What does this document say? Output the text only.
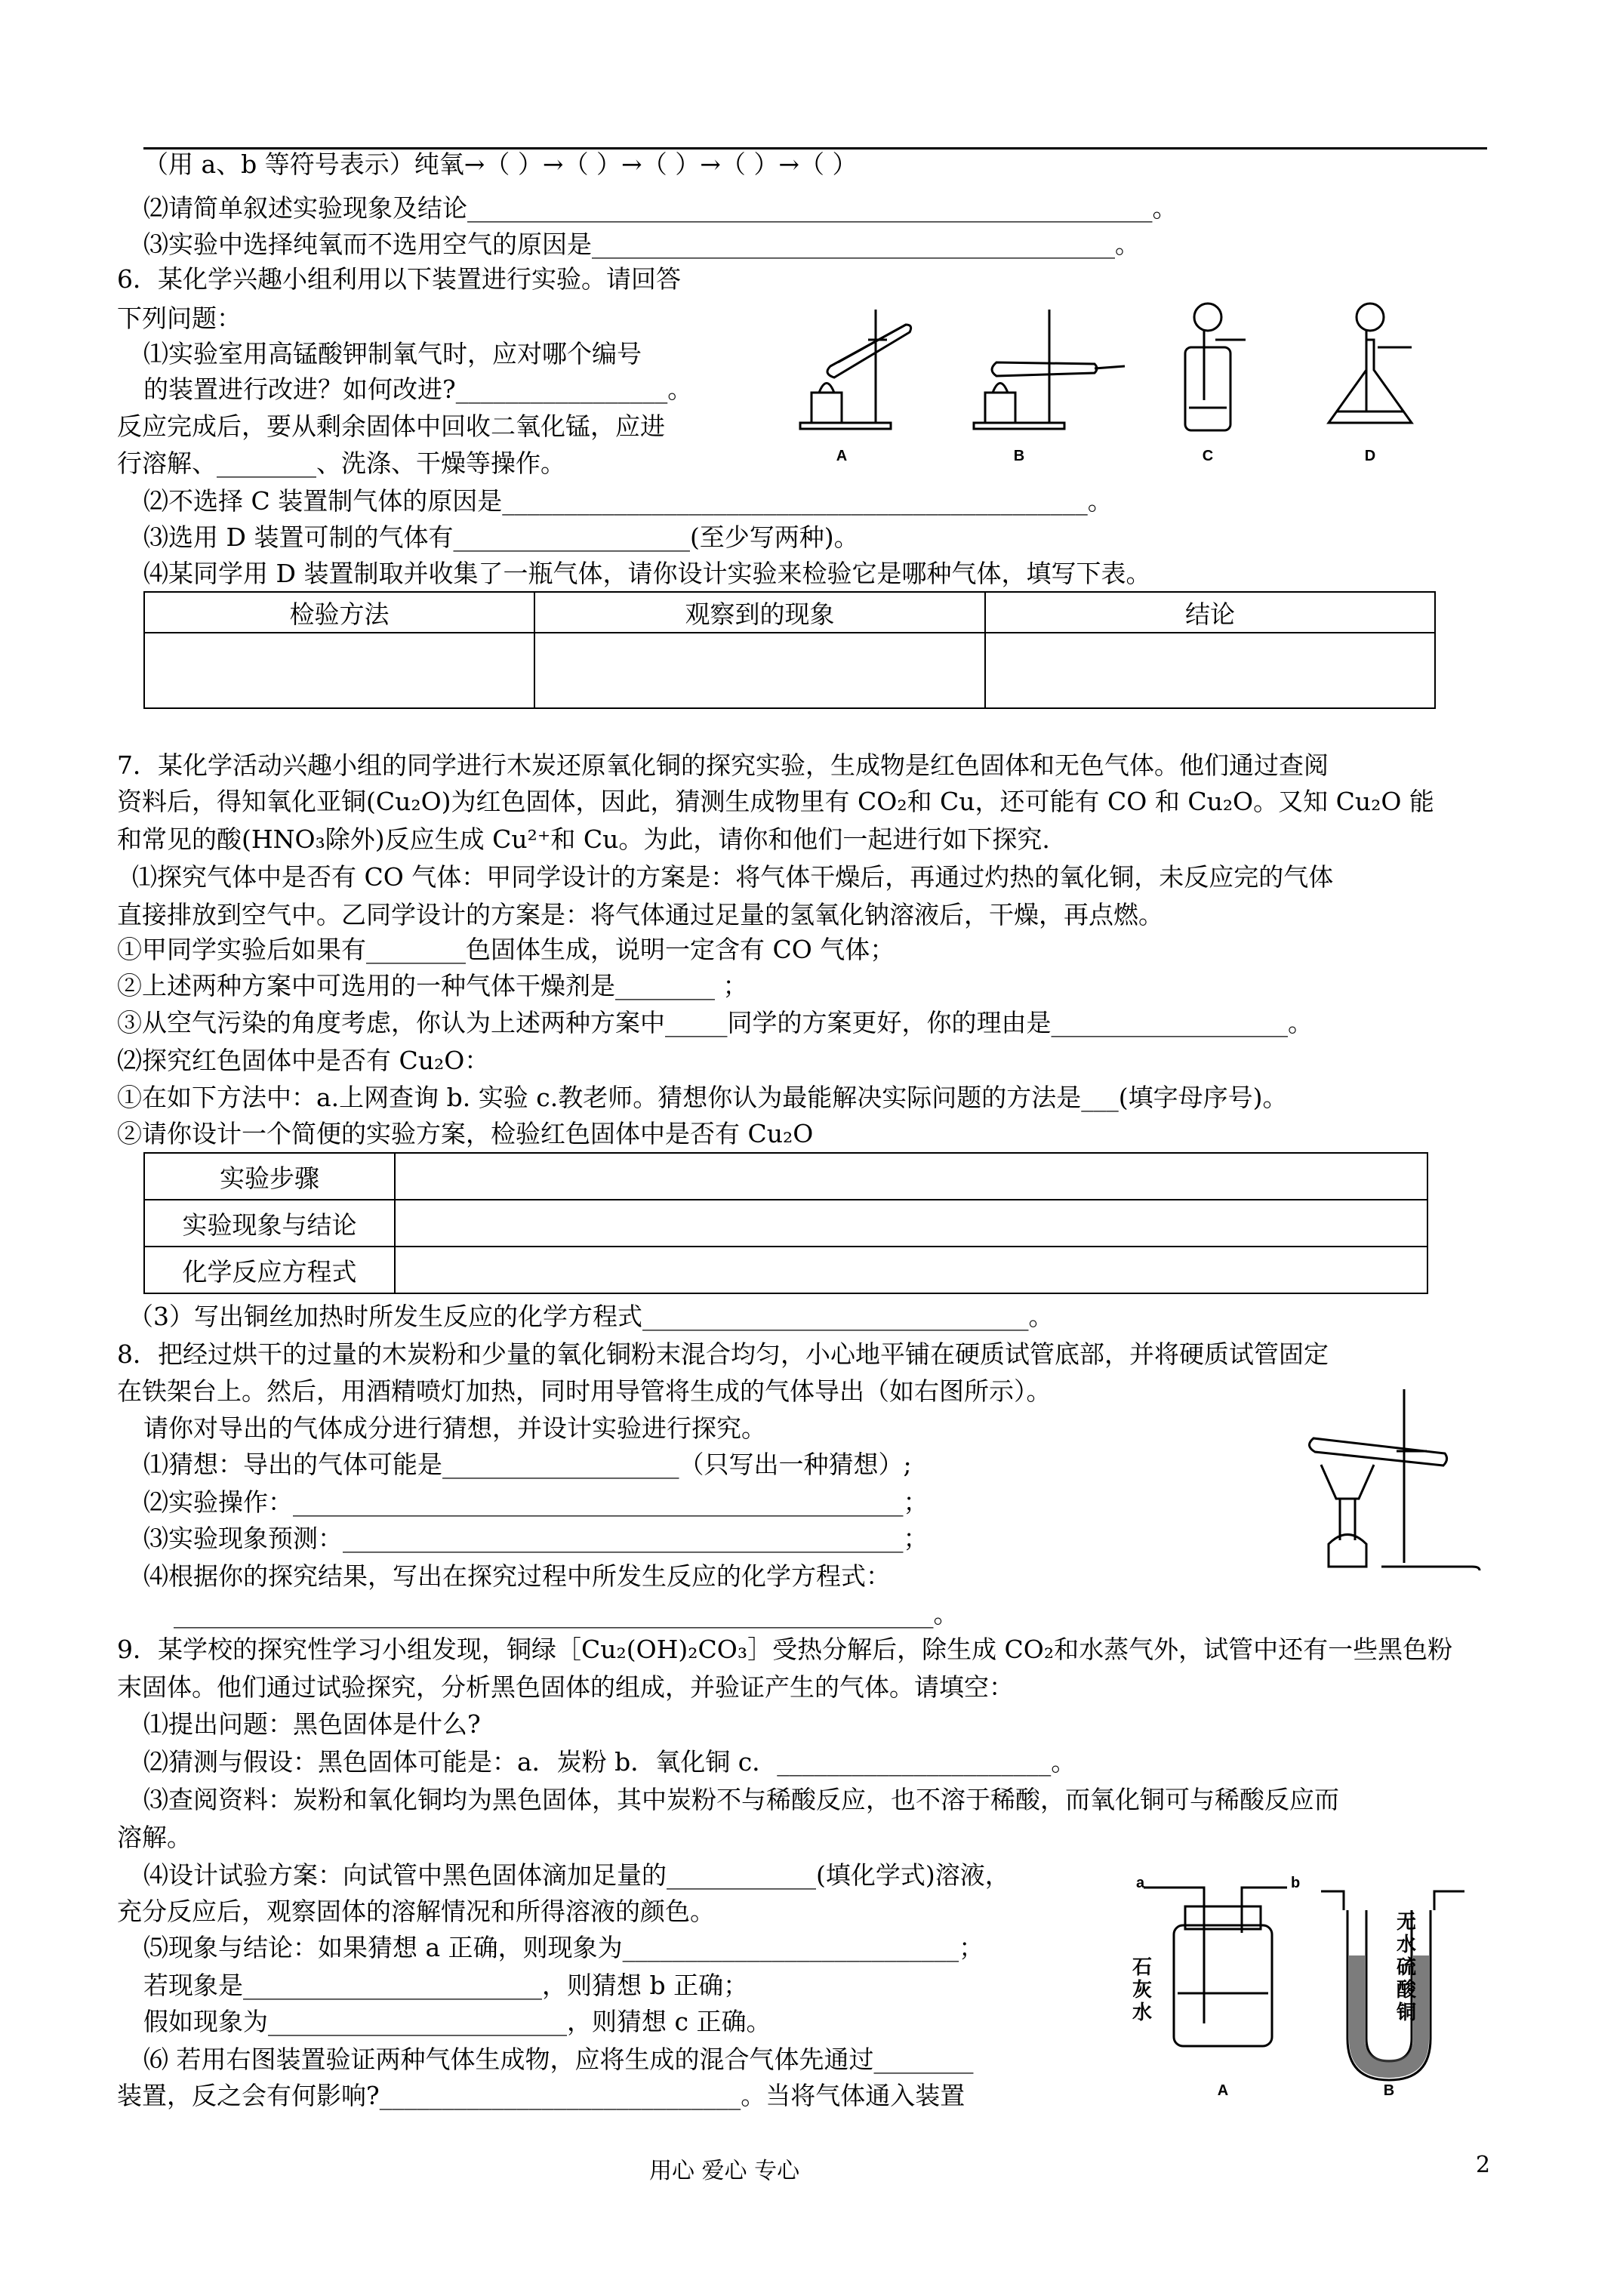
（用 a、b 等符号表示）纯氧→（ ）→（ ）→（ ）→（ ）→（ ）
⑵请简单叙述实验现象及结论_______________________________________________________。
⑶实验中选择纯氧而不选用空气的原因是__________________________________________。
6．某化学兴趣小组利用以下装置进行实验。请回答
下列问题：
⑴实验室用高锰酸钾制氧气时，应对哪个编号
的装置进行改进？如何改进?_________________。
反应完成后，要从剩余固体中回收二氧化锰，应进
行溶解、________、洗涤、干燥等操作。
⑵不选择 C 装置制气体的原因是_______________________________________________。
⑶选用 D 装置可制的气体有___________________(至少写两种)。
⑷某同学用 D 装置制取并收集了一瓶气体，请你设计实验来检验它是哪种气体，填写下表。
A	B	C	D
检验方法	观察到的现象	结论

7．某化学活动兴趣小组的同学进行木炭还原氧化铜的探究实验，生成物是红色固体和无色气体。他们通过查阅
资料后，得知氧化亚铜(Cu₂O)为红色固体，因此，猜测生成物里有 CO₂和 Cu，还可能有 CO 和 Cu₂O。又知 Cu₂O 能
和常见的酸(HNO₃除外)反应生成 Cu²⁺和 Cu。为此，请你和他们一起进行如下探究.
⑴探究气体中是否有 CO 气体：甲同学设计的方案是：将气体干燥后，再通过灼热的氧化铜，未反应完的气体
直接排放到空气中。乙同学设计的方案是：将气体通过足量的氢氧化钠溶液后，干燥，再点燃。
①甲同学实验后如果有________色固体生成，说明一定含有 CO 气体；
②上述两种方案中可选用的一种气体干燥剂是________ ；
③从空气污染的角度考虑，你认为上述两种方案中_____同学的方案更好，你的理由是___________________。
⑵探究红色固体中是否有 Cu₂O：
①在如下方法中：a.上网查询 b. 实验 c.教老师。猜想你认为最能解决实际问题的方法是___(填字母序号)。
②请你设计一个简便的实验方案，检验红色固体中是否有 Cu₂O
实验步骤	
实验现象与结论	
化学反应方程式	
（3）写出铜丝加热时所发生反应的化学方程式_______________________________。
8．把经过烘干的过量的木炭粉和少量的氧化铜粉末混合均匀，小心地平铺在硬质试管底部，并将硬质试管固定
在铁架台上。然后，用酒精喷灯加热，同时用导管将生成的气体导出（如右图所示）。
请你对导出的气体成分进行猜想，并设计实验进行探究。
⑴猜想：导出的气体可能是___________________（只写出一种猜想）;
⑵实验操作：_________________________________________________；
⑶实验现象预测：_____________________________________________；
⑷根据你的探究结果，写出在探究过程中所发生反应的化学方程式：
_____________________________________________________________。
9．某学校的探究性学习小组发现，铜绿［Cu₂(OH)₂CO₃］受热分解后，除生成 CO₂和水蒸气外，试管中还有一些黑色粉
末固体。他们通过试验探究，分析黑色固体的组成，并验证产生的气体。请填空：
⑴提出问题：黑色固体是什么?
⑵猜测与假设：黑色固体可能是：a．炭粉 b．氧化铜 c．______________________。
⑶查阅资料：炭粉和氧化铜均为黑色固体，其中炭粉不与稀酸反应，也不溶于稀酸，而氧化铜可与稀酸反应而
溶解。
⑷设计试验方案：向试管中黑色固体滴加足量的____________(填化学式)溶液，
充分反应后，观察固体的溶解情况和所得溶液的颜色。
⑸现象与结论：如果猜想 a 正确，则现象为___________________________；
若现象是________________________，则猜想 b 正确；
假如现象为________________________，则猜想 c 正确。
⑹ 若用右图装置验证两种气体生成物，应将生成的混合气体先通过________
装置，反之会有何影响?_____________________________。当将气体通入装置
a	b
A	B
石灰水
无水硫酸铜
用心 爱心 专心	2
